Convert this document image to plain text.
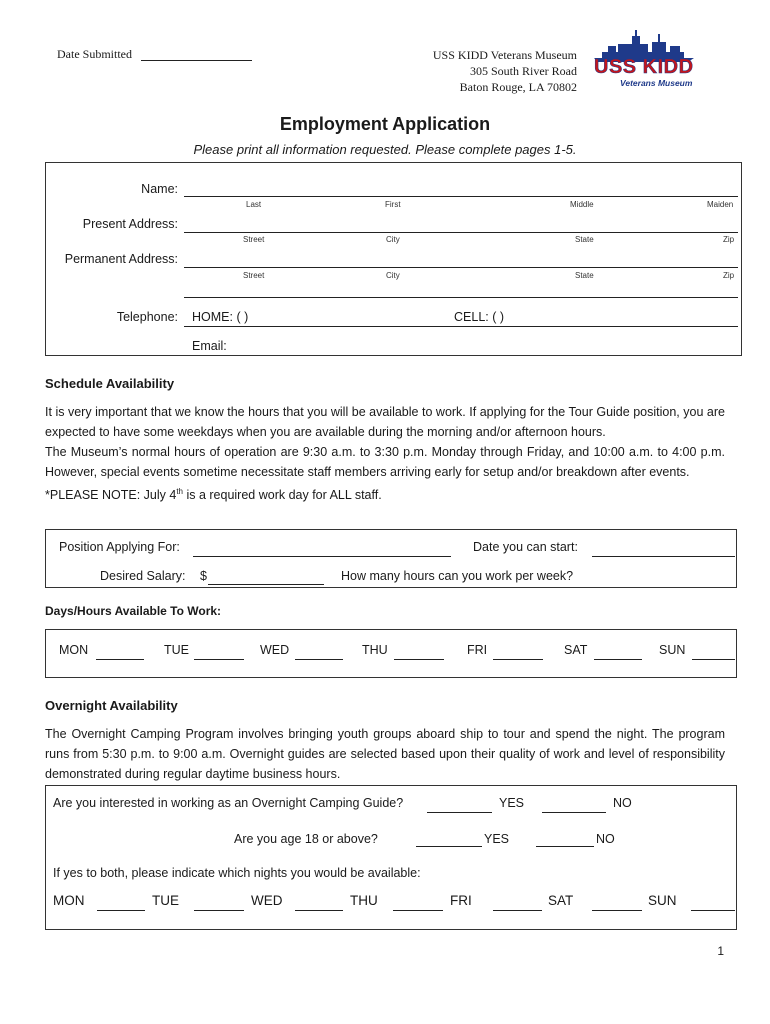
Date Submitted	USS KIDD Veterans Museum
305 South River Road
Baton Rouge, LA 70802
USS KIDD
Veterans Museum
Employment Application
Please print all information requested. Please complete pages 1-5.
Name:
Last	First	Middle	Maiden
Present Address:
Street	City	State	Zip
Permanent Address:
Street	City	State	Zip
Telephone: HOME: ( )	CELL: ( )
Email:
Schedule Availability
It is very important that we know the hours that you will be available to work. If applying for the Tour Guide position, you are expected to have some weekdays when you are available during the morning and/or afternoon hours.
The Museum’s normal hours of operation are 9:30 a.m. to 3:30 p.m. Monday through Friday, and 10:00 a.m. to 4:00 p.m. However, special events sometime necessitate staff members arriving early for setup and/or breakdown after events.
*PLEASE NOTE: July 4th is a required work day for ALL staff.
Position Applying For:	Date you can start:
Desired Salary: $	How many hours can you work per week?
Days/Hours Available To Work:
MON	TUE	WED	THU	FRI	SAT	SUN
Overnight Availability
The Overnight Camping Program involves bringing youth groups aboard ship to tour and spend the night. The program runs from 5:30 p.m. to 9:00 a.m. Overnight guides are selected based upon their quality of work and level of responsibility demonstrated during regular daytime business hours.
Are you interested in working as an Overnight Camping Guide?	YES	NO
Are you age 18 or above?	YES	NO
If yes to both, please indicate which nights you would be available:
MON	TUE	WED	THU	FRI	SAT	SUN
1
